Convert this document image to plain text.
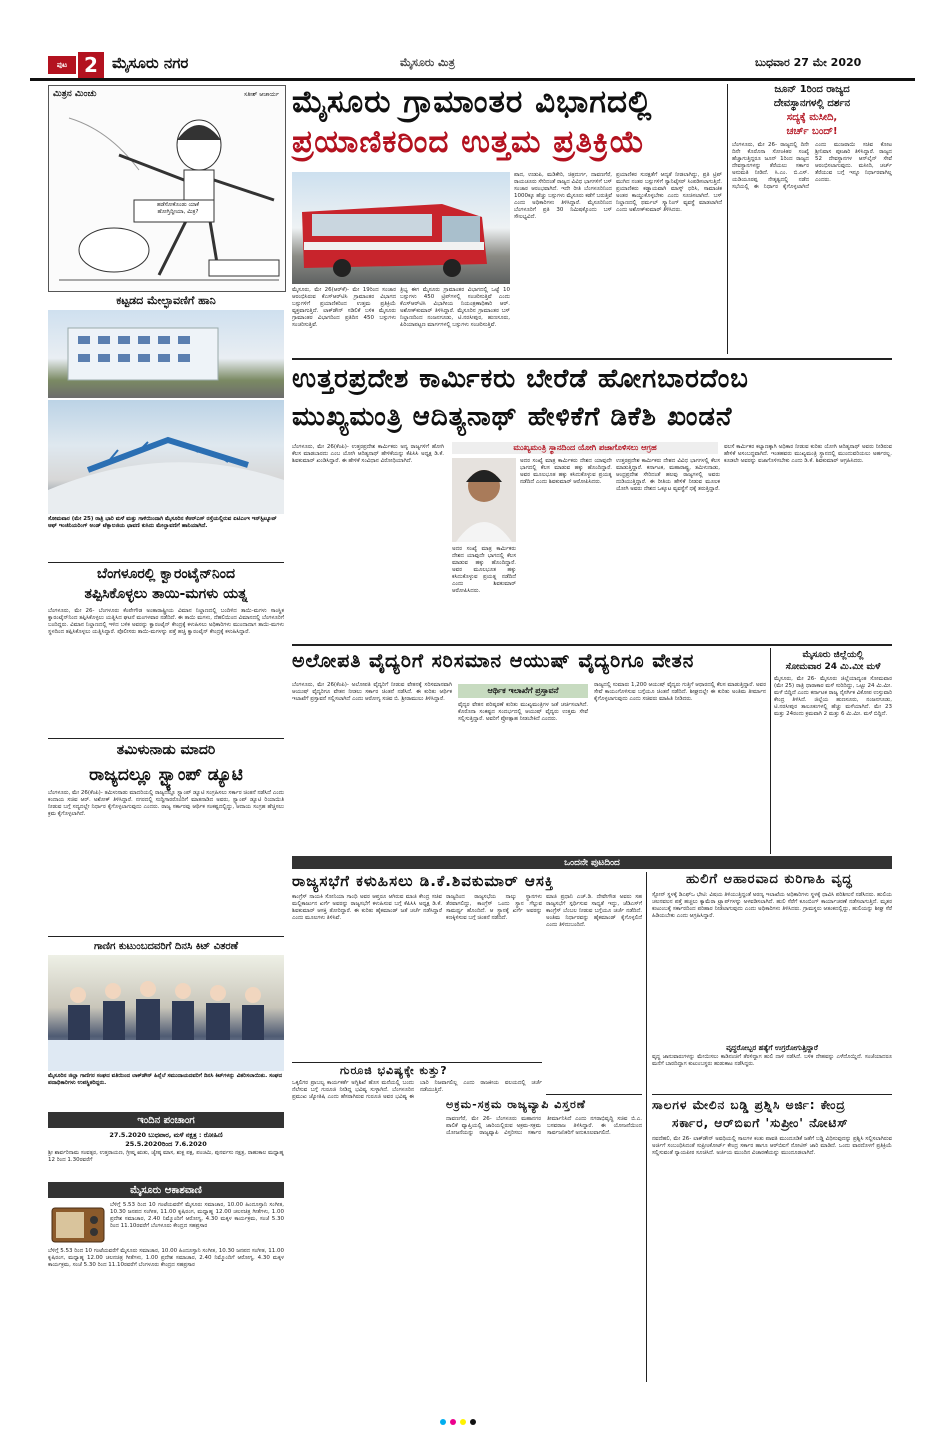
ಪುಟ 2 ಮೈಸೂರು ನಗರ	ಮೈಸೂರು ಮಿತ್ರ	ಬುಧವಾರ 27 ಮೇ 2020
ಮಿತ್ರನ ಮಿಂಚು	ಸತೀಶ್ ಆಚಾರ್ಯ
ಹಡೆಸೋಕೊಂಡು ಯಾಕೆ ಹೋಗ್ತಿದ್ದೀಯಾ, ಮಿತ್ರ?
ಕಟ್ಟಡದ ಮೇಲ್ಛಾವಣಿಗೆ ಹಾನಿ
ಸೋಮವಾರ (ಮೇ 25) ರಾತ್ರಿ ಭಾರಿ ಮಳೆ ಮತ್ತು ಗಾಳಿಯಿಂದಾಗಿ ಮೈಸೂರಿನ ಕೆಆರ್‌ಎಸ್ ರಸ್ತೆಯಲ್ಲಿರುವ ಏಟಿಎಂಇ ಇನ್‌ಸ್ಟಿಟ್ಯೂಟ್ ಆಫ್ ಇಂಜಿನಿಯರಿಂಗ್ ಅಂಡ್ ಟೆಕ್ನಾಲಜಿಯ ಛಾವಣಿ ಕುಸಿದು ಮೇಲ್ಭಾವಣಿಗೆ ಹಾನಿಯಾಗಿದೆ.
ಬೆಂಗಳೂರಲ್ಲಿ ಕ್ವಾರಂಟೈನ್‌ನಿಂದ
ತಪ್ಪಿಸಿಕೊಳ್ಳಲು ತಾಯಿ-ಮಗಳು ಯತ್ನ
ಬೆಂಗಳೂರು, ಮೇ 26- ಬೆಂಗಳೂರು ಕೆಂಪೇಗೌಡ ಅಂತಾರಾಷ್ಟ್ರೀಯ ವಿಮಾನ ನಿಲ್ದಾಣದಲ್ಲಿ ಬಂದಿಳಿದ ತಾಯಿ-ಮಗಳು ಸಾಂಸ್ಥಿಕ ಕ್ವಾರಂಟೈನ್‌ನಿಂದ ತಪ್ಪಿಸಿಕೊಳ್ಳಲು ಯತ್ನಿಸಿದ ಘಟನೆ ಮಂಗಳವಾರ ನಡೆದಿದೆ. ಈ ತಾಯಿ ಮಗಳು, ದೆಹಲಿಯಿಂದ ವಿಮಾನದಲ್ಲಿ ಬೆಂಗಳೂರಿಗೆ ಬಂದಿದ್ದರು. ವಿಮಾನ ನಿಲ್ದಾಣದಲ್ಲಿ ಇಳಿದ ಬಳಿಕ ಅವರನ್ನು ಕ್ವಾರಂಟೈನ್ ಕೇಂದ್ರಕ್ಕೆ ಕಳುಹಿಸಲು ಅಧಿಕಾರಿಗಳು ಮುಂದಾದಾಗ ತಾಯಿ-ಮಗಳು ಸ್ಥಳದಿಂದ ತಪ್ಪಿಸಿಕೊಳ್ಳಲು ಯತ್ನಿಸಿದ್ದಾರೆ. ಪೊಲೀಸರು ತಾಯಿ-ಮಗಳನ್ನು ಪತ್ತೆ ಹಚ್ಚಿ ಕ್ವಾರಂಟೈನ್ ಕೇಂದ್ರಕ್ಕೆ ಕಳುಹಿಸಿದ್ದಾರೆ.
ತಮಿಳುನಾಡು ಮಾದರಿ
ರಾಜ್ಯದಲ್ಲೂ ಸ್ಟ್ಯಾಂಪ್ ಡ್ಯೂಟಿ
ಬೆಂಗಳೂರು, ಮೇ 26(ಕೆಂಪಿ)- ತಮಿಳುನಾಡು ಮಾದರಿಯಲ್ಲಿ ರಾಜ್ಯದಲ್ಲೂ ಸ್ಟ್ಯಾಂಪ್ ಡ್ಯೂಟಿ ಸಂಗ್ರಹಿಸಲು ಸರ್ಕಾರ ಚಿಂತನೆ ನಡೆಸಿದೆ ಎಂದು ಕಂದಾಯ ಸಚಿವ ಆರ್. ಅಶೋಕ್ ತಿಳಿಸಿದ್ದಾರೆ. ನಗರದಲ್ಲಿ ಸುದ್ದಿಗಾರರೊಂದಿಗೆ ಮಾತನಾಡಿದ ಅವರು, ಸ್ಟ್ಯಾಂಪ್ ಡ್ಯೂಟಿ ರಿಯಾಯಿತಿ ನೀಡುವ ಬಗ್ಗೆ ಸದ್ಯದಲ್ಲೇ ನಿರ್ಧಾರ ಕೈಗೊಳ್ಳಲಾಗುವುದು ಎಂದರು. ರಾಜ್ಯ ಸರ್ಕಾರವು ಆರ್ಥಿಕ ಸಂಕಷ್ಟದಲ್ಲಿದ್ದು, ಆದಾಯ ಸಂಗ್ರಹ ಹೆಚ್ಚಿಸಲು ಕ್ರಮ ಕೈಗೊಳ್ಳಲಾಗಿದೆ.
ಗಾಣಿಗ ಕುಟುಂಬದವರಿಗೆ ದಿನಸಿ ಕಿಟ್ ವಿತರಣೆ
ಮೈಸೂರಿನ ಜಿಲ್ಲಾ ಗಾಣಿಗರ ಸಂಘದ ವತಿಯಿಂದ ಲಾಕ್‌ಡೌನ್ ಹಿನ್ನೆಲೆ ಸಮುದಾಯದವರಿಗೆ ದಿನಸಿ ಕಿಟ್‌ಗಳನ್ನು ವಿತರಿಸಲಾಯಿತು. ಸಂಘದ ಪದಾಧಿಕಾರಿಗಳು ಉಪಸ್ಥಿತರಿದ್ದರು.
ಇಂದಿನ ಪಂಚಾಂಗ
27.5.2020 ಬುಧವಾರ, ಮಳೆ ನಕ್ಷತ್ರ : ರೋಹಿಣಿ
25.5.2020ರಿಂದ 7.6.2020
ಶ್ರೀ ಶಾರ್ವರಿನಾಮ ಸಂವತ್ಸರ, ಉತ್ತರಾಯಣ, ಗ್ರೀಷ್ಮ ಋತು, ಜ್ಯೇಷ್ಠ ಮಾಸ, ಶುಕ್ಲ ಪಕ್ಷ, ಪಂಚಮಿ, ಪುನರ್ವಸು ನಕ್ಷತ್ರ, ರಾಹುಕಾಲ ಮಧ್ಯಾಹ್ನ 12 ರಿಂದ 1.30ರವರೆಗೆ
ಮೈಸೂರು ಆಕಾಶವಾಣಿ
ಬೆಳಿಗ್ಗೆ 5.53 ರಿಂದ 10 ಗಂಟೆಯವರೆಗೆ ಮೈಸೂರು ಸಮಾಚಾರ, 10.00 ಹಿಂದೂಸ್ತಾನಿ ಸಂಗೀತ, 10.30 ಜನಪದ ಸಂಗೀತ, 11.00 ಕೃಷಿರಂಗ, ಮಧ್ಯಾಹ್ನ 12.00 ಚಲನಚಿತ್ರ ಗೀತೆಗಳು, 1.00 ಪ್ರದೇಶ ಸಮಾಚಾರ, 2.40 ನಿಮ್ಮೊಂದಿಗೆ ಆರೋಗ್ಯ, 4.30 ಮಕ್ಕಳ ಕಾರ್ಯಕ್ರಮ, ಸಂಜೆ 5.30 ರಿಂದ 11.10ರವರೆಗೆ ಬೆಂಗಳೂರು ಕೇಂದ್ರದ ಸಹಪ್ರಸಾರ
ಬೆಳಿಗ್ಗೆ 5.53 ರಿಂದ 10 ಗಂಟೆಯವರೆಗೆ ಮೈಸೂರು ಸಮಾಚಾರ, 10.00 ಹಿಂದೂಸ್ತಾನಿ ಸಂಗೀತ, 10.30 ಜನಪದ ಸಂಗೀತ, 11.00 ಕೃಷಿರಂಗ, ಮಧ್ಯಾಹ್ನ 12.00 ಚಲನಚಿತ್ರ ಗೀತೆಗಳು, 1.00 ಪ್ರದೇಶ ಸಮಾಚಾರ, 2.40 ನಿಮ್ಮೊಂದಿಗೆ ಆರೋಗ್ಯ, 4.30 ಮಕ್ಕಳ ಕಾರ್ಯಕ್ರಮ, ಸಂಜೆ 5.30 ರಿಂದ 11.10ರವರೆಗೆ ಬೆಂಗಳೂರು ಕೇಂದ್ರದ ಸಹಪ್ರಸಾರ
ಮೈಸೂರು ಗ್ರಾಮಾಂತರ ವಿಭಾಗದಲ್ಲಿ
ಪ್ರಯಾಣಿಕರಿಂದ ಉತ್ತಮ ಪ್ರತಿಕ್ರಿಯೆ
ಮೈಸೂರು, ಮೇ 26(ಆರ್‌ಕೆ)- ಮೇ 19ರಿಂದ ಸಂಚಾರ ಆರಂಭಿಸಿರುವ ಕೆಎಸ್‌ಆರ್‌ಟಿಸಿ ಗ್ರಾಮಾಂತರ ವಿಭಾಗದ ಬಸ್ಸುಗಳಿಗೆ ಪ್ರಯಾಣಿಕರಿಂದ ಉತ್ತಮ ಪ್ರತಿಕ್ರಿಯೆ ವ್ಯಕ್ತವಾಗುತ್ತಿದೆ. ಲಾಕ್‌ಡೌನ್ ಸಡಿಲಿಕೆ ಬಳಿಕ ಮೈಸೂರು ಗ್ರಾಮಾಂತರ ವಿಭಾಗದಿಂದ ಪ್ರತಿದಿನ 450 ಬಸ್ಸುಗಳು ಸಂಚರಿಸುತ್ತಿವೆ.
ತ್ರಿಭ್ಯ ಈಗ ಮೈಸೂರು ಗ್ರಾಮಾಂತರ ವಿಭಾಗದಲ್ಲಿ ಒಟ್ಟೆ 10 ಬಸ್ಸುಗಳು 450 ಟ್ರಿಪ್‌ಗಳಲ್ಲಿ ಸಂಚರಿಸುತ್ತಿವೆ ಎಂದು ಕೆಎಸ್‌ಆರ್‌ಟಿಸಿ ವಿಭಾಗೀಯ ನಿಯಂತ್ರಣಾಧಿಕಾರಿ ಆರ್. ಅಶೋಕ್‌ಕುಮಾರ್ ತಿಳಿಸಿದ್ದಾರೆ. ಮೈಸೂರಿನ ಗ್ರಾಮಾಂತರ ಬಸ್ ನಿಲ್ದಾಣದಿಂದ ನಂಜನಗೂಡು, ಟಿ.ನರಸೀಪುರ, ಹುಣಸೂರು, ಪಿರಿಯಾಪಟ್ಟಣ ಮಾರ್ಗಗಳಲ್ಲಿ ಬಸ್ಸುಗಳು ಸಂಚರಿಸುತ್ತಿವೆ.
ಪಾದ, ಉಡುಪಿ, ಮಡಿಕೇರಿ, ಚಿತ್ರದುರ್ಗ, ದಾವಣಗೆರೆ, ರಾಯಚೂರು ಸೇರಿದಂತೆ ರಾಜ್ಯದ ವಿವಿಧ ಭಾಗಗಳಿಗೆ ಬಸ್ ಸಂಚಾರ ಆರಂಭವಾಗಿದೆ. ಇದೇ ರೀತಿ ಬೆಂಗಳೂರಿನಿಂದ 1000ಕ್ಕೂ ಹೆಚ್ಚು ಬಸ್ಸುಗಳು ಮೈಸೂರು ಕಡೆಗೆ ಬರುತ್ತಿವೆ ಎಂದು ಅಧಿಕಾರಿಗಳು ತಿಳಿಸಿದ್ದಾರೆ. ಮೈಸೂರಿನಿಂದ ಬೆಂಗಳೂರಿಗೆ ಪ್ರತಿ 30 ನಿಮಿಷಕ್ಕೊಂದು ಬಸ್ ಸೌಲಭ್ಯವಿದೆ.
ಪ್ರಯಾಣಿಕರ ಸುರಕ್ಷತೆಗೆ ಆದ್ಯತೆ ನೀಡಲಾಗಿದ್ದು, ಪ್ರತಿ ಟ್ರಿಪ್ ಮುಗಿದ ನಂತರ ಬಸ್ಸುಗಳಿಗೆ ಸ್ಯಾನಿಟೈಸರ್ ಸಿಂಪಡಿಸಲಾಗುತ್ತಿದೆ. ಪ್ರಯಾಣಿಕರು ಕಡ್ಡಾಯವಾಗಿ ಮಾಸ್ಕ್ ಧರಿಸಿ, ಸಾಮಾಜಿಕ ಅಂತರ ಕಾಯ್ದುಕೊಳ್ಳಬೇಕು ಎಂದು ಸೂಚಿಸಲಾಗಿದೆ. ಬಸ್ ನಿಲ್ದಾಣದಲ್ಲಿ ಥರ್ಮಲ್ ಸ್ಕ್ಯಾನಿಂಗ್ ವ್ಯವಸ್ಥೆ ಮಾಡಲಾಗಿದೆ ಎಂದು ಅಶೋಕ್‌ಕುಮಾರ್ ತಿಳಿಸಿದರು.
ಜೂನ್ 1ರಿಂದ ರಾಜ್ಯದ
ದೇವಸ್ಥಾನಗಳಲ್ಲಿ ದರ್ಶನ
ಸದ್ಯಕ್ಕೆ ಮಸೀದಿ,
ಚರ್ಚ್ ಬಂದ್!
ಬೆಂಗಳೂರು, ಮೇ 26- ರಾಜ್ಯದಲ್ಲಿ ದಿನೇ ದಿನೇ ಕೊರೊನಾ ಸೋಂಕಿತರ ಸಂಖ್ಯೆ ಹೆಚ್ಚಾಗುತ್ತಿದ್ದರೂ ಜೂನ್ 1ರಿಂದ ರಾಜ್ಯದ ದೇವಸ್ಥಾನಗಳನ್ನು ತೆರೆಯಲು ಸರ್ಕಾರ ಅನುಮತಿ ನೀಡಿದೆ. ಸಿ.ಎಂ. ಬಿ.ಎಸ್. ಯಡಿಯೂರಪ್ಪ ನೇತೃತ್ವದಲ್ಲಿ ನಡೆದ ಸಭೆಯಲ್ಲಿ ಈ ನಿರ್ಧಾರ ಕೈಗೊಳ್ಳಲಾಗಿದೆ ಎಂದು ಮುಜರಾಯಿ ಸಚಿವ ಕೋಟ ಶ್ರೀನಿವಾಸ ಪೂಜಾರಿ ತಿಳಿಸಿದ್ದಾರೆ. ರಾಜ್ಯದ 52 ದೇವಸ್ಥಾನಗಳ ಆನ್‌ಲೈನ್ ಸೇವೆ ಆರಂಭಿಸಲಾಗುವುದು. ಮಸೀದಿ, ಚರ್ಚ್ ತೆರೆಯುವ ಬಗ್ಗೆ ಇನ್ನೂ ನಿರ್ಧಾರವಾಗಿಲ್ಲ ಎಂದರು.
ಉತ್ತರಪ್ರದೇಶ ಕಾರ್ಮಿಕರು ಬೇರೆಡೆ ಹೋಗಬಾರದೆಂಬ
ಮುಖ್ಯಮಂತ್ರಿ ಆದಿತ್ಯನಾಥ್ ಹೇಳಿಕೆಗೆ ಡಿಕೆಶಿ ಖಂಡನೆ
ಮುಖ್ಯಮಂತ್ರಿ ಸ್ಥಾನದಿಂದ ಯೋಗಿ ಪಜಾಗೊಳಿಸಲು ಆಗ್ರಹ
ಬೆಂಗಳೂರು, ಮೇ 26(ಕೆಂಪಿ)- ಉತ್ತರಪ್ರದೇಶ ಕಾರ್ಮಿಕರು ಅನ್ಯ ರಾಜ್ಯಗಳಿಗೆ ಹೋಗಿ ಕೆಲಸ ಮಾಡಬಾರದು ಎಂಬ ಯೋಗಿ ಆದಿತ್ಯನಾಥ್ ಹೇಳಿಕೆಯನ್ನು ಕೆಪಿಸಿಸಿ ಅಧ್ಯಕ್ಷ ಡಿ.ಕೆ. ಶಿವಕುಮಾರ್ ಖಂಡಿಸಿದ್ದಾರೆ. ಈ ಹೇಳಿಕೆ ಸಂವಿಧಾನ ವಿರೋಧಿಯಾಗಿದೆ.	ಅದರ ಸಂಖ್ಯೆ ಮಾತ್ರ ಕಾರ್ಮಿಕರು ದೇಶದ ಯಾವುದೇ ಭಾಗದಲ್ಲಿ ಕೆಲಸ ಮಾಡುವ ಹಕ್ಕು ಹೊಂದಿದ್ದಾರೆ. ಅವರ ಮೂಲಭೂತ ಹಕ್ಕು ಕಸಿದುಕೊಳ್ಳುವ ಪ್ರಯತ್ನ ನಡೆದಿದೆ ಎಂದು ಶಿವಕುಮಾರ್ ಆರೋಪಿಸಿದರು.
ಅದರ ಸಂಖ್ಯೆ ಮಾತ್ರ ಕಾರ್ಮಿಕರು ದೇಶದ ಯಾವುದೇ ಭಾಗದಲ್ಲಿ ಕೆಲಸ ಮಾಡುವ ಹಕ್ಕು ಹೊಂದಿದ್ದಾರೆ. ಅವರ ಮೂಲಭೂತ ಹಕ್ಕು ಕಸಿದುಕೊಳ್ಳುವ ಪ್ರಯತ್ನ ನಡೆದಿದೆ ಎಂದು ಶಿವಕುಮಾರ್ ಆರೋಪಿಸಿದರು.
ಉತ್ತರಪ್ರದೇಶ ಕಾರ್ಮಿಕರು ದೇಶದ ವಿವಿಧ ಭಾಗಗಳಲ್ಲಿ ಕೆಲಸ ಮಾಡುತ್ತಿದ್ದಾರೆ. ಕರ್ನಾಟಕ, ಮಹಾರಾಷ್ಟ್ರ, ತಮಿಳುನಾಡು, ಆಂಧ್ರಪ್ರದೇಶ ಸೇರಿದಂತೆ ಹಲವು ರಾಜ್ಯಗಳಲ್ಲಿ ಅವರು ದುಡಿಯುತ್ತಿದ್ದಾರೆ. ಈ ರೀತಿಯ ಹೇಳಿಕೆ ನೀಡುವ ಮೂಲಕ ಯೋಗಿ ಅವರು ದೇಶದ ಒಕ್ಕೂಟ ವ್ಯವಸ್ಥೆಗೆ ಧಕ್ಕೆ ತರುತ್ತಿದ್ದಾರೆ.
ವಲಸೆ ಕಾರ್ಮಿಕರ ಕಲ್ಯಾಣಕ್ಕಾಗಿ ಅಧಿಕಾರ ನೀಡುವ ಕುರಿತು ಯೋಗಿ ಆದಿತ್ಯನಾಥ್ ಅವರು ನೀಡಿರುವ ಹೇಳಿಕೆ ಅಸಂಬದ್ಧವಾಗಿದೆ. ಇಂತಹವರು ಮುಖ್ಯಮಂತ್ರಿ ಸ್ಥಾನದಲ್ಲಿ ಮುಂದುವರಿಯಲು ಅರ್ಹರಲ್ಲ. ಕೂಡಲೇ ಅವರನ್ನು ವಜಾಗೊಳಿಸಬೇಕು ಎಂದು ಡಿ.ಕೆ. ಶಿವಕುಮಾರ್ ಆಗ್ರಹಿಸಿದರು.
ಅಲೋಪತಿ ವೈದ್ಯರಿಗೆ ಸರಿಸಮಾನ ಆಯುಷ್ ವೈದ್ಯರಿಗೂ ವೇತನ
ಬೆಂಗಳೂರು, ಮೇ 26(ಕೆಂಪಿ)- ಅಲೋಪತಿ ವೈದ್ಯರಿಗೆ ನೀಡುವ ವೇತನಕ್ಕೆ ಸರಿಸಮಾನವಾಗಿ ಆಯುಷ್ ವೈದ್ಯರಿಗೂ ವೇತನ ನೀಡಲು ಸರ್ಕಾರ ಚಿಂತನೆ ನಡೆಸಿದೆ. ಈ ಕುರಿತು ಆರ್ಥಿಕ ಇಲಾಖೆಗೆ ಪ್ರಸ್ತಾವನೆ ಸಲ್ಲಿಸಲಾಗಿದೆ ಎಂದು ಆರೋಗ್ಯ ಸಚಿವ ಬಿ. ಶ್ರೀರಾಮುಲು ತಿಳಿಸಿದ್ದಾರೆ.
ಆರ್ಥಿಕ ಇಲಾಖೆಗೆ ಪ್ರಸ್ತಾವನೆ
ವೈದ್ಯರ ವೇತನ ಪರಿಷ್ಕರಣೆ ಕುರಿತು ಮುಖ್ಯಮಂತ್ರಿಗಳ ಜತೆ ಚರ್ಚಿಸಲಾಗಿದೆ. ಕೊರೊನಾ ಸಂಕಷ್ಟದ ಸಂದರ್ಭದಲ್ಲಿ ಆಯುಷ್ ವೈದ್ಯರು ಉತ್ತಮ ಸೇವೆ ಸಲ್ಲಿಸುತ್ತಿದ್ದಾರೆ. ಅವರಿಗೆ ಪ್ರೋತ್ಸಾಹ ನೀಡಬೇಕಿದೆ ಎಂದರು.
ರಾಜ್ಯದಲ್ಲಿ ಸುಮಾರು 1,200 ಆಯುಷ್ ವೈದ್ಯರು ಗುತ್ತಿಗೆ ಆಧಾರದಲ್ಲಿ ಕೆಲಸ ಮಾಡುತ್ತಿದ್ದಾರೆ. ಅವರ ಸೇವೆ ಕಾಯಂಗೊಳಿಸುವ ಬಗ್ಗೆಯೂ ಚಿಂತನೆ ನಡೆದಿದೆ. ಶೀಘ್ರದಲ್ಲೇ ಈ ಕುರಿತು ಅಂತಿಮ ತೀರ್ಮಾನ ಕೈಗೊಳ್ಳಲಾಗುವುದು ಎಂದು ಸಚಿವರು ಮಾಹಿತಿ ನೀಡಿದರು.
ಮೈಸೂರು ಜಿಲ್ಲೆಯಲ್ಲಿ
ಸೋಮವಾರ 24 ಮಿ.ಮೀ ಮಳೆ
ಮೈಸೂರು, ಮೇ 26- ಮೈಸೂರು ಜಿಲ್ಲೆಯಾದ್ಯಂತ ಸೋಮವಾರ (ಮೇ 25) ರಾತ್ರಿ ಧಾರಾಕಾರ ಮಳೆ ಸುರಿದಿದ್ದು, ಒಟ್ಟು 24 ಮಿ.ಮೀ. ಮಳೆ ಬಿದ್ದಿದೆ ಎಂದು ಕರ್ನಾಟಕ ರಾಜ್ಯ ನೈಸರ್ಗಿಕ ವಿಕೋಪ ಉಸ್ತುವಾರಿ ಕೇಂದ್ರ ತಿಳಿಸಿದೆ. ಜಿಲ್ಲೆಯ ಹುಣಸೂರು, ನಂಜನಗೂಡು, ಟಿ.ನರಸೀಪುರ ತಾಲೂಕುಗಳಲ್ಲಿ ಹೆಚ್ಚು ಮಳೆಯಾಗಿದೆ. ಮೇ 23 ಮತ್ತು 24ರಂದು ಕ್ರಮವಾಗಿ 2 ಮತ್ತು 6 ಮಿ.ಮೀ. ಮಳೆ ಬಿದ್ದಿದೆ.
ಒಂದನೇ ಪುಟದಿಂದ
ರಾಜ್ಯಸಭೆಗೆ ಕಳುಹಿಸಲು ಡಿ.ಕೆ.ಶಿವಕುಮಾರ್ ಆಸಕ್ತಿ
ಕಾಂಗ್ರೆಸ್ ನಾಯಕಿ ಸೋನಿಯಾ ಗಾಂಧಿ ಅವರ ಆಪ್ತರೂ ಆಗಿರುವ ಮಾಜಿ ಕೇಂದ್ರ ಸಚಿವ ಮಲ್ಲಿಕಾರ್ಜುನ ಖರ್ಗೆ ಅವರನ್ನು ರಾಜ್ಯಸಭೆಗೆ ಕಳುಹಿಸುವ ಬಗ್ಗೆ ಕೆಪಿಸಿಸಿ ಅಧ್ಯಕ್ಷ ಡಿ.ಕೆ. ಶಿವಕುಮಾರ್ ಆಸಕ್ತಿ ತೋರಿದ್ದಾರೆ. ಈ ಕುರಿತು ಹೈಕಮಾಂಡ್ ಜತೆ ಚರ್ಚೆ ನಡೆಸಿದ್ದಾರೆ ಎಂದು ಮೂಲಗಳು ತಿಳಿಸಿವೆ.
ರಾಜ್ಯದಿಂದ ರಾಜ್ಯಸಭೆಯ ನಾಲ್ಕು ಸ್ಥಾನಗಳು ತೆರವಾಗಲಿದ್ದು, ಕಾಂಗ್ರೆಸ್ ಒಂದು ಸ್ಥಾನ ಗೆಲ್ಲುವ ಸಾಮರ್ಥ್ಯ ಹೊಂದಿದೆ. ಆ ಸ್ಥಾನಕ್ಕೆ ಖರ್ಗೆ ಅವರನ್ನು ಕಣಕ್ಕಿಳಿಸುವ ಬಗ್ಗೆ ಚಿಂತನೆ ನಡೆದಿದೆ.
ಮಾಜಿ ಪ್ರಧಾನಿ ಎಚ್.ಡಿ. ದೇವೇಗೌಡ ಅವರು ಸಹ ರಾಜ್ಯಸಭೆಗೆ ಸ್ಪರ್ಧಿಸುವ ಸಾಧ್ಯತೆ ಇದ್ದು, ಜೆಡಿಎಸ್‌ಗೆ ಕಾಂಗ್ರೆಸ್ ಬೆಂಬಲ ನೀಡುವ ಬಗ್ಗೆಯೂ ಚರ್ಚೆ ನಡೆದಿದೆ. ಅಂತಿಮ ನಿರ್ಧಾರವನ್ನು ಹೈಕಮಾಂಡ್ ಕೈಗೊಳ್ಳಲಿದೆ ಎಂದು ತಿಳಿದುಬಂದಿದೆ.
ಗುರೂಜಿ ಭವಿಷ್ಯಕ್ಕೇ ಕುತ್ತು?
ಒಕ್ಕಲಿಗರ ಪ್ರಾಬಲ್ಯ ಕಾರ್ಯಕರ್ತೆ ಅಗ್ನಿಶಿಖೆ ಹೊಸ ಮನೆಯಲ್ಲಿ ಬಂದು ನೆಲೆಸುವ ಬಗ್ಗೆ ಗುರೂಜಿ ನೀಡಿದ್ದ ಭವಿಷ್ಯ ಸುಳ್ಳಾಗಿದೆ. ಬೆಂಗಳೂರಿನ ಪ್ರಮುಖ ಜ್ಯೋತಿಷಿ ಎಂದು ಹೆಸರಾಗಿರುವ ಗುರೂಜಿ ಅವರ ಭವಿಷ್ಯ ಈ ಬಾರಿ ನಿಜವಾಗಲಿಲ್ಲ ಎಂದು ರಾಜಕೀಯ ವಲಯದಲ್ಲಿ ಚರ್ಚೆ ನಡೆಯುತ್ತಿದೆ.
ಅಕ್ರಮ-ಸಕ್ರಮ ರಾಜ್ಯವ್ಯಾಪಿ ವಿಸ್ತರಣೆ
ದಾವಣಗೆರೆ, ಮೇ 26- ಬೆಂಗಳೂರು ಮಹಾನಗರ ಪಾಲಿಕೆ ವ್ಯಾಪ್ತಿಯಲ್ಲಿ ಜಾರಿಯಲ್ಲಿರುವ ಅಕ್ರಮ-ಸಕ್ರಮ ಯೋಜನೆಯನ್ನು ರಾಜ್ಯವ್ಯಾಪಿ ವಿಸ್ತರಿಸಲು ಸರ್ಕಾರ ತೀರ್ಮಾನಿಸಿದೆ ಎಂದು ನಗರಾಭಿವೃದ್ಧಿ ಸಚಿವ ಬಿ.ಎ. ಬಸವರಾಜ ತಿಳಿಸಿದ್ದಾರೆ. ಈ ಯೋಜನೆಯಿಂದ ಸಾರ್ವಜನಿಕರಿಗೆ ಅನುಕೂಲವಾಗಲಿದೆ.
ಹುಲಿಗೆ ಆಹಾರವಾದ ಕುರಿಗಾಹಿ ವೃದ್ಧ
ಸ್ಟೋನ್ ಸ್ಥಳಕ್ಕೆ ಡಿಎಫ್‌ಒ ಭೇಟಿ: ವಿಷಯ ತಿಳಿಯುತ್ತಿದ್ದಂತೆ ಅರಣ್ಯ ಇಲಾಖೆಯ ಅಧಿಕಾರಿಗಳು ಸ್ಥಳಕ್ಕೆ ಧಾವಿಸಿ ಪರಿಶೀಲನೆ ನಡೆಸಿದರು. ಹುಲಿಯ ಚಲನವಲನ ಪತ್ತೆ ಹಚ್ಚಲು ಕ್ಯಾಮೆರಾ ಟ್ರ್ಯಾಪ್‌ಗಳನ್ನು ಅಳವಡಿಸಲಾಗಿದೆ. ಹುಲಿ ಸೆರೆಗೆ ಕೂಂಬಿಂಗ್ ಕಾರ್ಯಾಚರಣೆ ನಡೆಸಲಾಗುತ್ತಿದೆ. ಮೃತರ ಕುಟುಂಬಕ್ಕೆ ಸರ್ಕಾರದಿಂದ ಪರಿಹಾರ ನೀಡಲಾಗುವುದು ಎಂದು ಅಧಿಕಾರಿಗಳು ತಿಳಿಸಿದರು. ಗ್ರಾಮಸ್ಥರು ಆತಂಕದಲ್ಲಿದ್ದು, ಹುಲಿಯನ್ನು ಶೀಘ್ರ ಸೆರೆ ಹಿಡಿಯಬೇಕು ಎಂದು ಆಗ್ರಹಿಸಿದ್ದಾರೆ.
ವೃದ್ಧರೋಬ್ಬರ ಹತ್ಯೆಗೆ ಉಗ್ರರೋಗುತ್ತಿದ್ದಾರೆ
ವೃದ್ಧ ಜಾನುವಾರುಗಳನ್ನು ಮೇಯಿಸಲು ಕಾಡಿನಂಚಿಗೆ ತೆರಳಿದ್ದಾಗ ಹುಲಿ ದಾಳಿ ನಡೆಸಿದೆ. ಬಳಿಕ ದೇಹವನ್ನು ಎಳೆದೊಯ್ದಿದೆ. ಸಂಜೆಯಾದರೂ ಮನೆಗೆ ಬಾರದಿದ್ದಾಗ ಕುಟುಂಬಸ್ಥರು ಹುಡುಕಾಟ ನಡೆಸಿದ್ದರು.
ಸಾಲಗಳ ಮೇಲಿನ ಬಡ್ಡಿ ಪ್ರಶ್ನಿಸಿ ಅರ್ಜಿ: ಕೇಂದ್ರ
ಸರ್ಕಾರ, ಆರ್‌ಬಿಐಗೆ 'ಸುಪ್ರೀಂ' ನೋಟಿಸ್
ನವದೆಹಲಿ, ಮೇ 26- ಲಾಕ್‌ಡೌನ್ ಅವಧಿಯಲ್ಲಿ ಸಾಲಗಳ ಕಂತು ಪಾವತಿ ಮುಂದೂಡಿಕೆ ಜತೆಗೆ ಬಡ್ಡಿ ವಿಧಿಸುವುದನ್ನು ಪ್ರಶ್ನಿಸಿ ಸಲ್ಲಿಸಲಾಗಿರುವ ಅರ್ಜಿಗೆ ಸಂಬಂಧಿಸಿದಂತೆ ಸುಪ್ರೀಂಕೋರ್ಟ್ ಕೇಂದ್ರ ಸರ್ಕಾರ ಹಾಗೂ ಆರ್‌ಬಿಐಗೆ ನೋಟಿಸ್ ಜಾರಿ ಮಾಡಿದೆ. ಒಂದು ವಾರದೊಳಗೆ ಪ್ರತಿಕ್ರಿಯೆ ಸಲ್ಲಿಸುವಂತೆ ನ್ಯಾಯಪೀಠ ಸೂಚಿಸಿದೆ. ಅರ್ಜಿಯ ಮುಂದಿನ ವಿಚಾರಣೆಯನ್ನು ಮುಂದೂಡಲಾಗಿದೆ.
